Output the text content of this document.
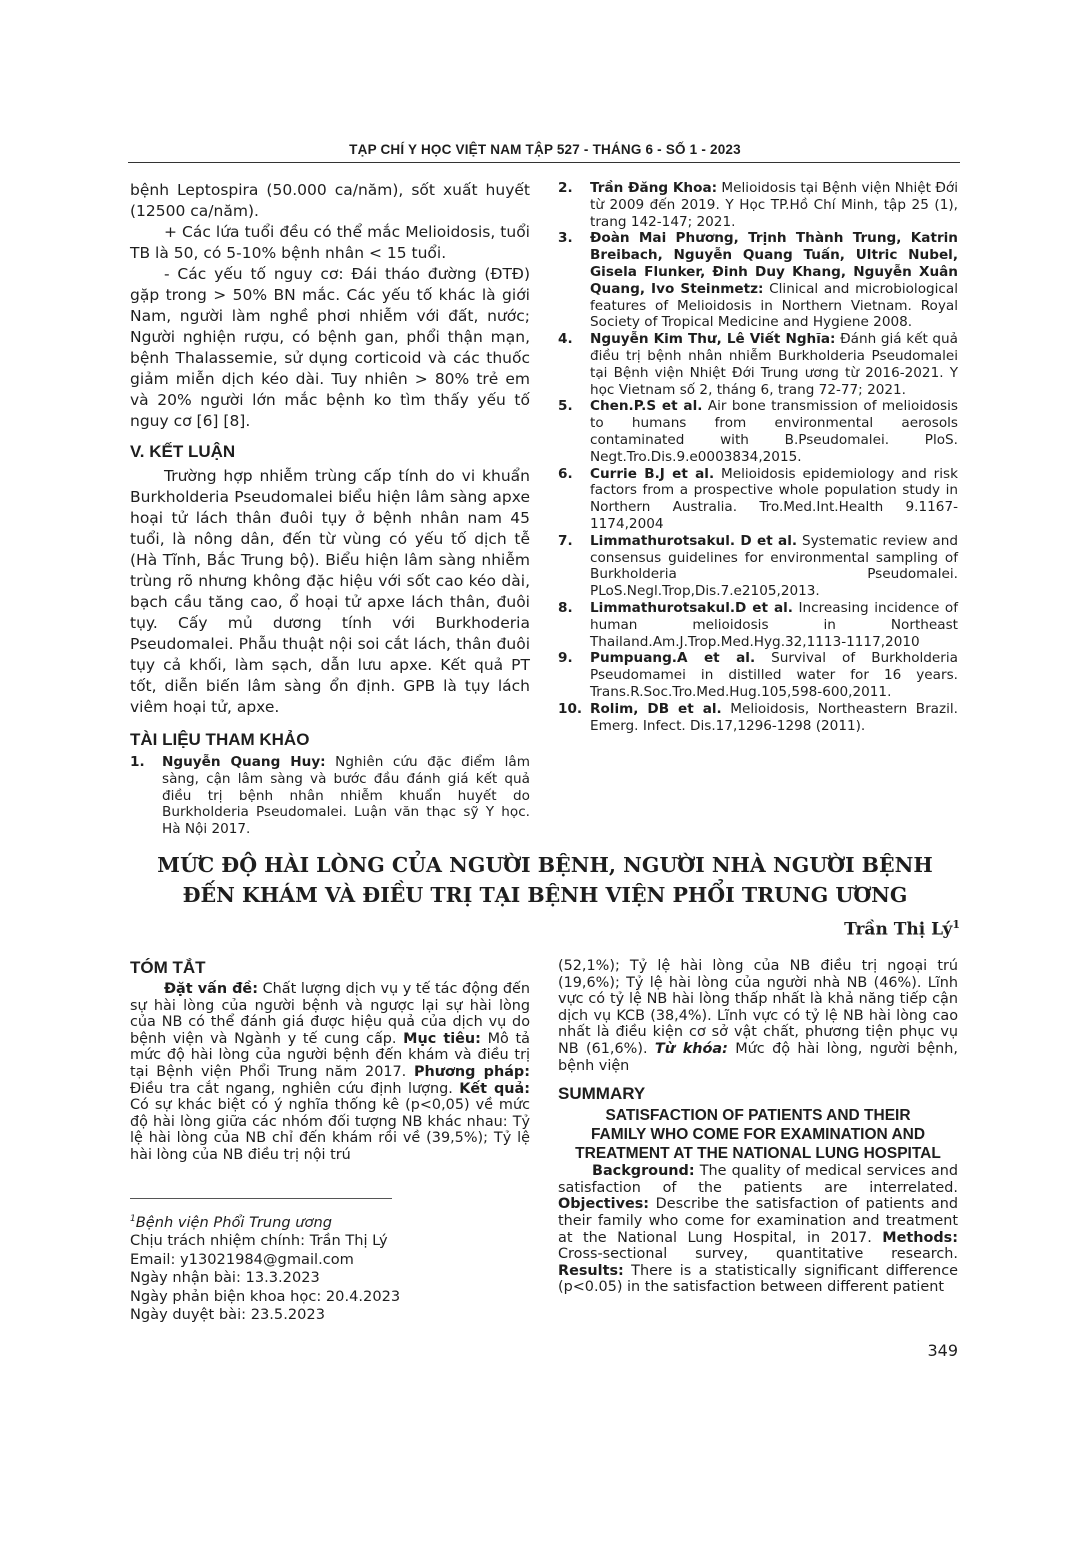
TẠP CHÍ Y HỌC VIỆT NAM TẬP 527 - THÁNG 6 - SỐ 1 - 2023

bệnh Leptospira (50.000 ca/năm), sốt xuất huyết (12500 ca/năm).

+ Các lứa tuổi đều có thể mắc Melioidosis, tuổi TB là 50, có 5-10% bệnh nhân < 15 tuổi.

- Các yếu tố nguy cơ: Đái tháo đường (ĐTĐ) gặp trong > 50% BN mắc. Các yếu tố khác là giới Nam, người làm nghề phơi nhiễm với đất, nước; Người nghiện rượu, có bệnh gan, phổi thận mạn, bệnh Thalassemie, sử dụng corticoid và các thuốc giảm miễn dịch kéo dài. Tuy nhiên > 80% trẻ em và 20% người lớn mắc bệnh ko tìm thấy yếu tố nguy cơ [6] [8].

V. KẾT LUẬN

Trường hợp nhiễm trùng cấp tính do vi khuẩn Burkholderia Pseudomalei biểu hiện lâm sàng apxe hoại tử lách thân đuôi tụy ở bệnh nhân nam 45 tuổi, là nông dân, đến từ vùng có yếu tố dịch tễ (Hà Tĩnh, Bắc Trung bộ). Biểu hiện lâm sàng nhiễm trùng rõ nhưng không đặc hiệu với sốt cao kéo dài, bạch cầu tăng cao, ổ hoại tử apxe lách thân, đuôi tụy. Cấy mủ dương tính với Burkhoderia Pseudomalei. Phẫu thuật nội soi cắt lách, thân đuôi tụy cả khối, làm sạch, dẫn lưu apxe. Kết quả PT tốt, diễn biến lâm sàng ổn định. GPB là tụy lách viêm hoại tử, apxe.

TÀI LIỆU THAM KHẢO

1. Nguyễn Quang Huy: Nghiên cứu đặc điểm lâm sàng, cận lâm sàng và bước đầu đánh giá kết quả điều trị bệnh nhân nhiễm khuẩn huyết do Burkholderia Pseudomalei. Luận văn thạc sỹ Y học. Hà Nội 2017.

2. Trần Đăng Khoa: Melioidosis tại Bệnh viện Nhiệt Đới từ 2009 đến 2019. Y Học TP.Hồ Chí Minh, tập 25 (1), trang 142-147; 2021.

3. Đoàn Mai Phương, Trịnh Thành Trung, Katrin Breibach, Nguyễn Quang Tuấn, Ultric Nubel, Gisela Flunker, Đinh Duy Khang, Nguyễn Xuân Quang, Ivo Steinmetz: Clinical and microbiological features of Melioidosis in Northern Vietnam. Royal Society of Tropical Medicine and Hygiene 2008.

4. Nguyễn Kim Thư, Lê Viết Nghĩa: Đánh giá kết quả điều trị bệnh nhân nhiễm Burkholderia Pseudomalei tại Bệnh viện Nhiệt Đới Trung ương từ 2016-2021. Y học Vietnam số 2, tháng 6, trang 72-77; 2021.

5. Chen.P.S et al. Air bone transmission of melioidosis to humans from environmental aerosols contaminated with B.Pseudomalei. PloS. Negt.Tro.Dis.9.e0003834,2015.

6. Currie B.J et al. Melioidosis epidemiology and risk factors from a prospective whole population study in Northern Australia. Tro.Med.Int.Health 9.1167-1174,2004

7. Limmathurotsakul. D et al. Systematic review and consensus guidelines for environmental sampling of Burkholderia Pseudomalei. PLoS.Negl.Trop,Dis.7.e2105,2013.

8. Limmathurotsakul.D et al. Increasing incidence of human melioidosis in Northeast Thailand.Am.J.Trop.Med.Hyg.32,1113-1117,2010

9. Pumpuang.A et al. Survival of Burkholderia Pseudomamei in distilled water for 16 years. Trans.R.Soc.Tro.Med.Hug.105,598-600,2011.

10. Rolim, DB et al. Melioidosis, Northeastern Brazil. Emerg. Infect. Dis.17,1296-1298 (2011).

MỨC ĐỘ HÀI LÒNG CỦA NGƯỜI BỆNH, NGƯỜI NHÀ NGƯỜI BỆNH
ĐẾN KHÁM VÀ ĐIỀU TRỊ TẠI BỆNH VIỆN PHỔI TRUNG ƯƠNG
Trần Thị $Lý^1$

TÓM TẮT

Đặt vấn đề: Chất lượng dịch vụ y tế tác động đến sự hài lòng của người bệnh và ngược lại sự hài lòng của NB có thể đánh giá được hiệu quả của dịch vụ do bệnh viện và Ngành y tế cung cấp. Mục tiêu: Mô tả mức độ hài lòng của người bệnh đến khám và điều trị tại Bệnh viện Phổi Trung năm 2017. Phương pháp: Điều tra cắt ngang, nghiên cứu định lượng. Kết quả: Có sự khác biệt có ý nghĩa thống kê (p<0,05) về mức độ hài lòng giữa các nhóm đối tượng NB khác nhau: Tỷ lệ hài lòng của NB chỉ đến khám rồi về (39,5%); Tỷ lệ hài lòng của NB điều trị nội trú

$^1$Bệnh viện Phổi Trung ương

Chịu trách nhiệm chính: Trần Thị Lý

Email: y13021984@gmail.com

Ngày nhận bài: 13.3.2023

Ngày phản biện khoa học: 20.4.2023

Ngày duyệt bài: 23.5.2023

(52,1%); Tỷ lệ hài lòng của NB điều trị ngoại trú (19,6%); Tỷ lệ hài lòng của người nhà NB (46%). Lĩnh vực có tỷ lệ NB hài lòng thấp nhất là khả năng tiếp cận dịch vụ KCB (38,4%). Lĩnh vực có tỷ lệ NB hài lòng cao nhất là điều kiện cơ sở vật chất, phương tiện phục vụ NB (61,6%). Từ khóa: Mức độ hài lòng, người bệnh, bệnh viện

SUMMARY

SATISFACTION OF PATIENTS AND THEIR

FAMILY WHO COME FOR EXAMINATION AND

TREATMENT AT THE NATIONAL LUNG HOSPITAL

Background: The quality of medical services and satisfaction of the patients are interrelated. Objectives: Describe the satisfaction of patients and their family who come for examination and treatment at the National Lung Hospital, in 2017. Methods: Cross-sectional survey, quantitative research. Results: There is a statistically significant difference (p<0.05) in the satisfaction between different patient

349
